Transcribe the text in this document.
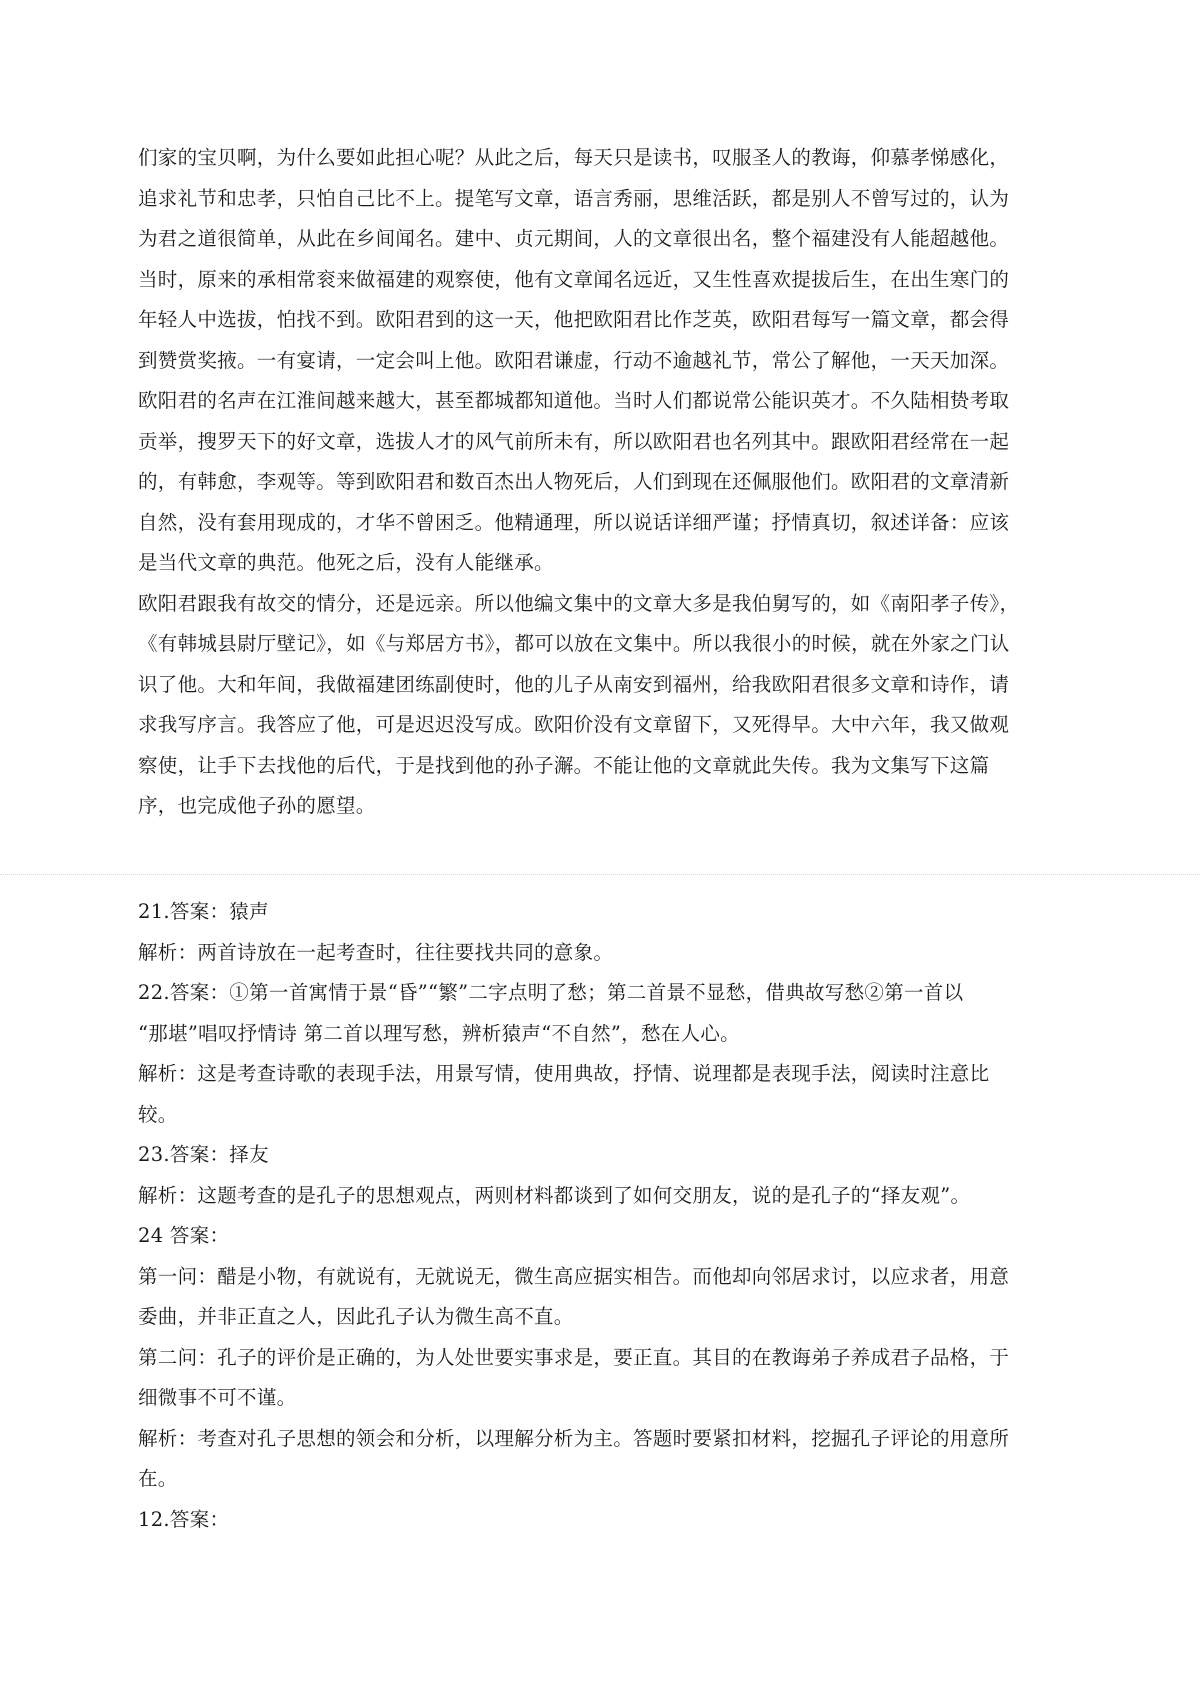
们家的宝贝啊，为什么要如此担心呢？从此之后，每天只是读书，叹服圣人的教诲，仰慕孝悌感化，

追求礼节和忠孝，只怕自己比不上。提笔写文章，语言秀丽，思维活跃，都是别人不曾写过的，认为

为君之道很简单，从此在乡间闻名。建中、贞元期间，人的文章很出名，整个福建没有人能超越他。

当时，原来的承相常衮来做福建的观察使，他有文章闻名远近，又生性喜欢提拔后生，在出生寒门的

年轻人中选拔，怕找不到。欧阳君到的这一天，他把欧阳君比作芝英，欧阳君每写一篇文章，都会得

到赞赏奖掖。一有宴请，一定会叫上他。欧阳君谦虚，行动不逾越礼节，常公了解他，一天天加深。

欧阳君的名声在江淮间越来越大，甚至都城都知道他。当时人们都说常公能识英才。不久陆相贽考取

贡举，搜罗天下的好文章，选拔人才的风气前所未有，所以欧阳君也名列其中。跟欧阳君经常在一起

的，有韩愈，李观等。等到欧阳君和数百杰出人物死后，人们到现在还佩服他们。欧阳君的文章清新

自然，没有套用现成的，才华不曾困乏。他精通理，所以说话详细严谨；抒情真切，叙述详备：应该

是当代文章的典范。他死之后，没有人能继承。

欧阳君跟我有故交的情分，还是远亲。所以他编文集中的文章大多是我伯舅写的，如《南阳孝子传》，

《有韩城县尉厅壁记》，如《与郑居方书》，都可以放在文集中。所以我很小的时候，就在外家之门认

识了他。大和年间，我做福建团练副使时，他的儿子从南安到福州，给我欧阳君很多文章和诗作，请

求我写序言。我答应了他，可是迟迟没写成。欧阳价没有文章留下，又死得早。大中六年，我又做观

察使，让手下去找他的后代，于是找到他的孙子澥。不能让他的文章就此失传。我为文集写下这篇

序，也完成他子孙的愿望。

21.答案：猿声

解析：两首诗放在一起考查时，往往要找共同的意象。

22.答案：①第一首寓情于景“昏”“繁”二字点明了愁；第二首景不显愁，借典故写愁②第一首以

“那堪”唱叹抒情诗 第二首以理写愁，辨析猿声“不自然”，愁在人心。

解析：这是考查诗歌的表现手法，用景写情，使用典故，抒情、说理都是表现手法，阅读时注意比

较。

23.答案：择友

解析：这题考查的是孔子的思想观点，两则材料都谈到了如何交朋友，说的是孔子的“择友观”。

24 答案：

第一问：醋是小物，有就说有，无就说无，微生高应据实相告。而他却向邻居求讨，以应求者，用意

委曲，并非正直之人，因此孔子认为微生高不直。

第二问：孔子的评价是正确的，为人处世要实事求是，要正直。其目的在教诲弟子养成君子品格，于

细微事不可不谨。

解析：考查对孔子思想的领会和分析，以理解分析为主。答题时要紧扣材料，挖掘孔子评论的用意所

在。

12.答案：
